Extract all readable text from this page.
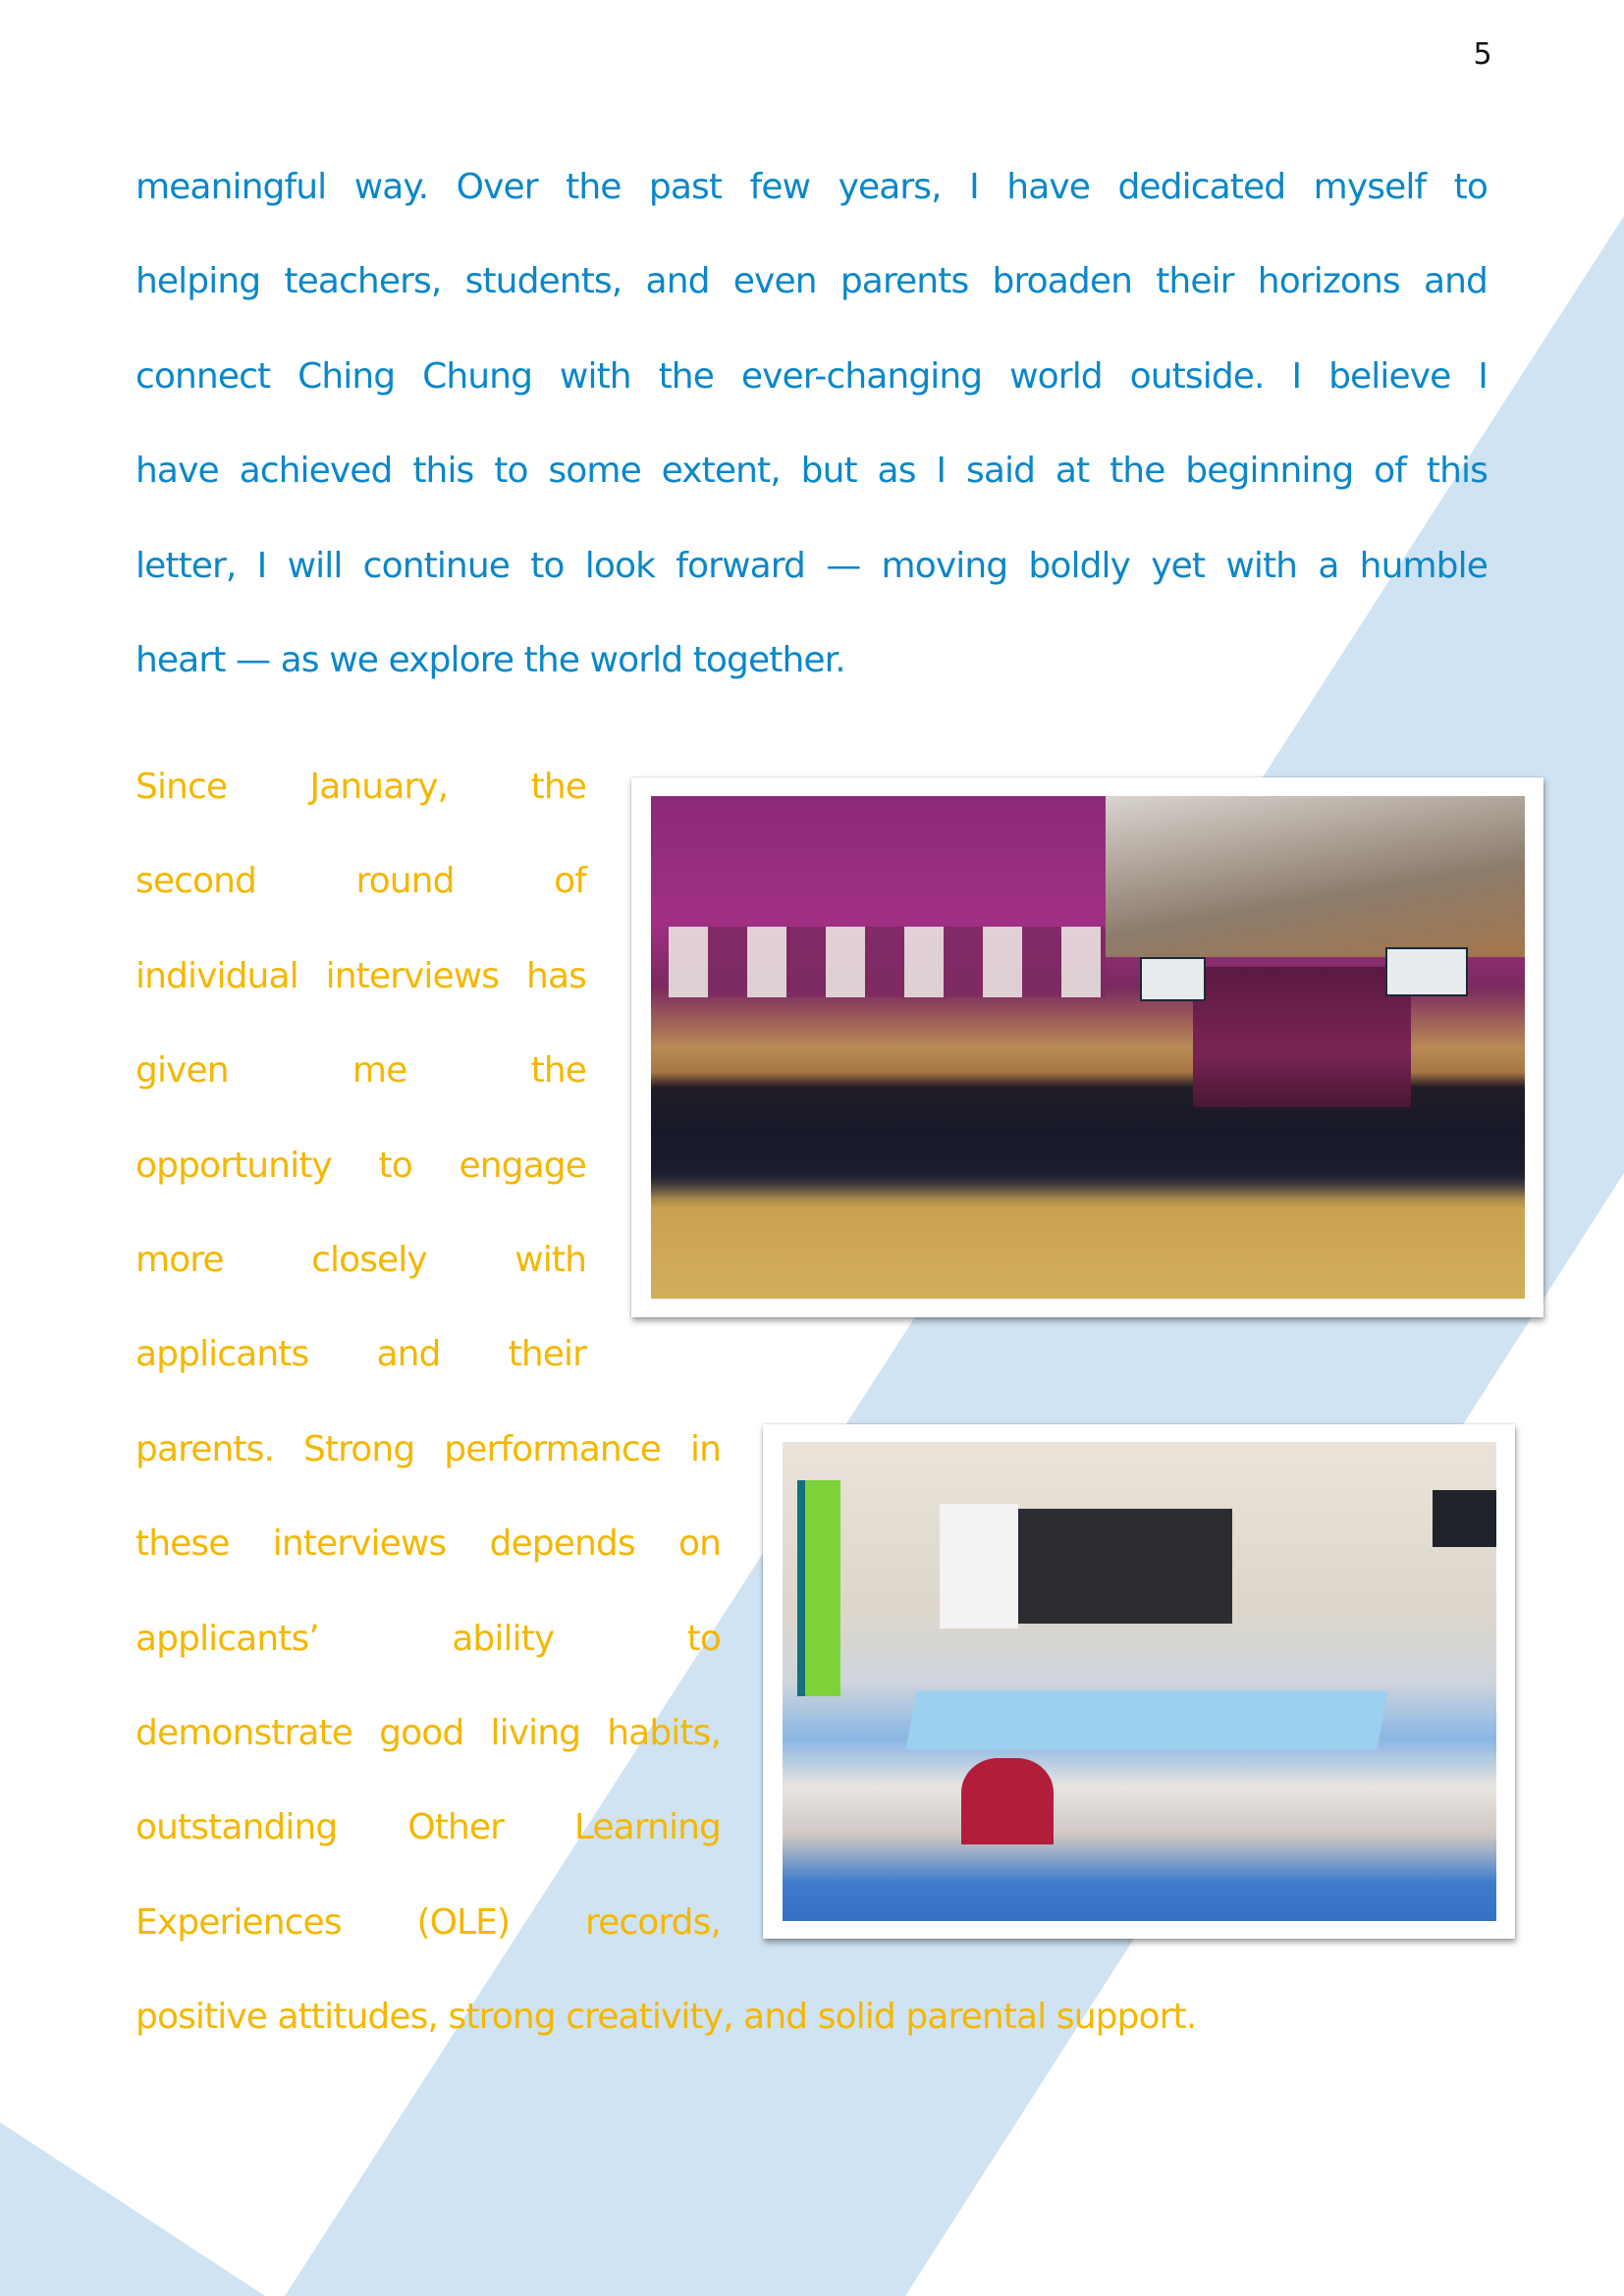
5
meaningful way. Over the past few years, I have dedicated myself to
helping teachers, students, and even parents broaden their horizons and
connect Ching Chung with the ever-changing world outside. I believe I
have achieved this to some extent, but as I said at the beginning of this
letter, I will continue to look forward — moving boldly yet with a humble
heart — as we explore the world together.
Since January, the
second round of
individual interviews has
given me the
opportunity to engage
more closely with
applicants and their
parents. Strong performance in
these interviews depends on
applicants’ ability to
demonstrate good living habits,
outstanding Other Learning
Experiences (OLE) records,
positive attitudes, strong creativity, and solid parental support.
